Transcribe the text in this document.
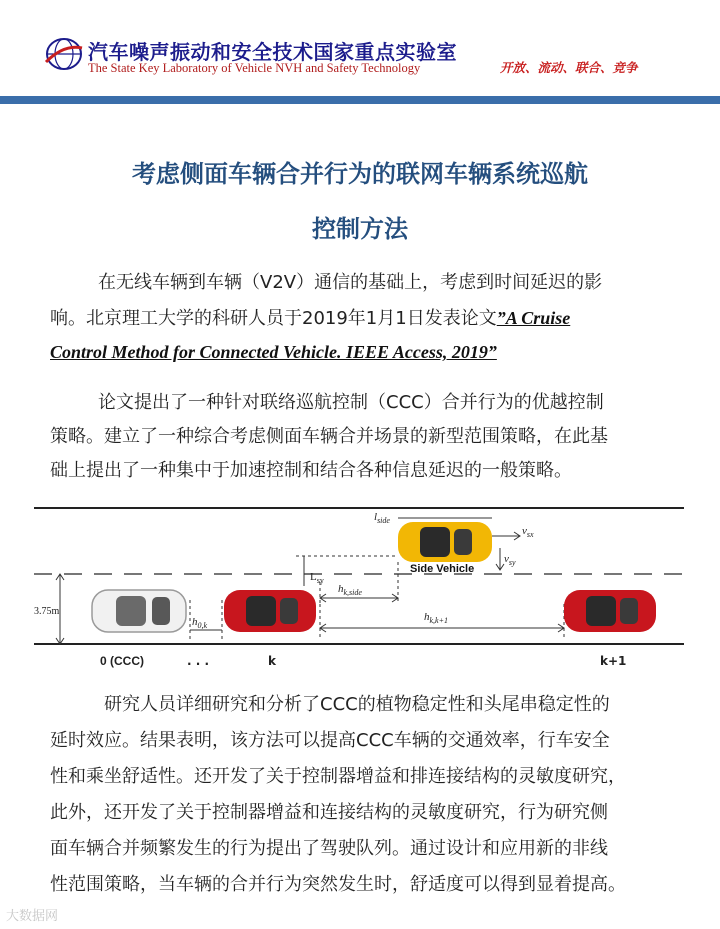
汽车噪声振动和安全技术国家重点实验室
The State Key Laboratory of Vehicle NVH and Safety Technology	开放、流动、联合、竞争
考虑侧面车辆合并行为的联网车辆系统巡航
控制方法
在无线车辆到车辆（V2V）通信的基础上，考虑到时间延迟的影
响。北京理工大学的科研人员于2019年1月1日发表论文”A Cruise
Control Method for Connected Vehicle. IEEE Access, 2019”
论文提出了一种针对联络巡航控制（CCC）合并行为的优越控制
策略。建立了一种综合考虑侧面车辆合并场景的新型范围策略，在此基
础上提出了一种集中于加速控制和结合各种信息延迟的一般策略。
3.75m
0 (CCC)
$h_{0,k}$
. . .	k
$h_{k,k+1}$
k+1
Side Vehicle
$l_{side}$
$v_{sx}$
$v_{sy}$
$L_{sy}$
$h_{k,side}$
研究人员详细研究和分析了CCC的植物稳定性和头尾串稳定性的
延时效应。结果表明，该方法可以提高CCC车辆的交通效率，行车安全
性和乘坐舒适性。还开发了关于控制器增益和排连接结构的灵敏度研究，
此外，还开发了关于控制器增益和连接结构的灵敏度研究，行为研究侧
面车辆合并频繁发生的行为提出了驾驶队列。通过设计和应用新的非线
性范围策略，当车辆的合并行为突然发生时，舒适度可以得到显着提高。
大数据网
